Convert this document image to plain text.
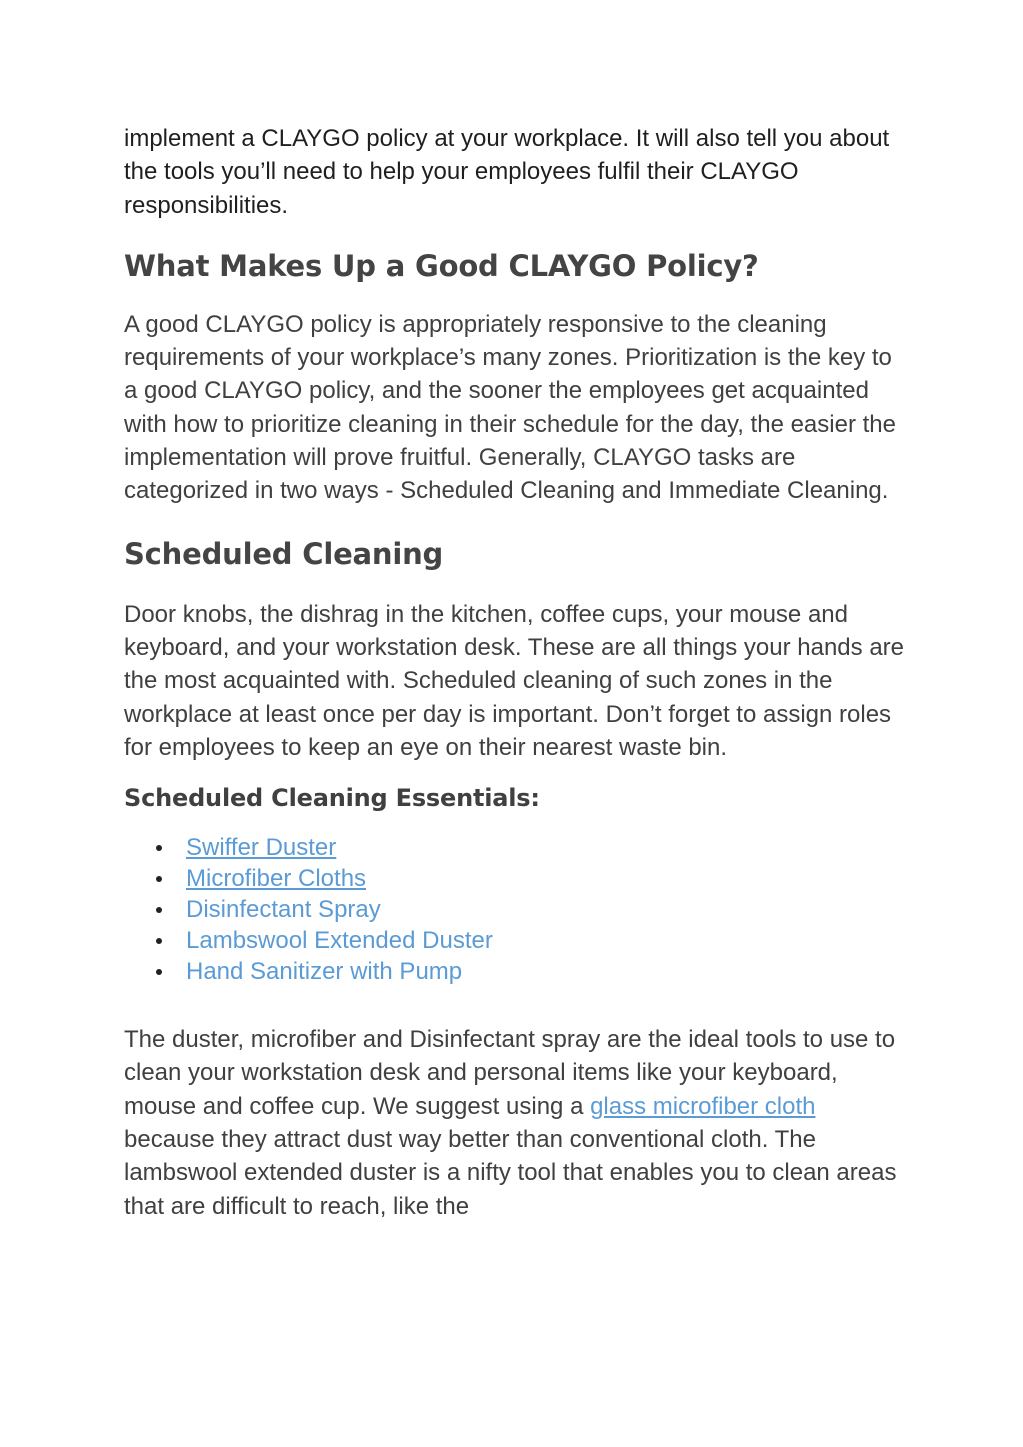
implement a CLAYGO policy at your workplace. It will also tell you about the tools you’ll need to help your employees fulfil their CLAYGO responsibilities.

What Makes Up a Good CLAYGO Policy?

A good CLAYGO policy is appropriately responsive to the cleaning requirements of your workplace’s many zones. Prioritization is the key to a good CLAYGO policy, and the sooner the employees get acquainted with how to prioritize cleaning in their schedule for the day, the easier the implementation will prove fruitful. Generally, CLAYGO tasks are categorized in two ways - Scheduled Cleaning and Immediate Cleaning.

Scheduled Cleaning

Door knobs, the dishrag in the kitchen, coffee cups, your mouse and keyboard, and your workstation desk. These are all things your hands are the most acquainted with. Scheduled cleaning of such zones in the workplace at least once per day is important. Don’t forget to assign roles for employees to keep an eye on their nearest waste bin.

Scheduled Cleaning Essentials:
Swiffer Duster
Microfiber Cloths
Disinfectant Spray
Lambswool Extended Duster
Hand Sanitizer with Pump

The duster, microfiber and Disinfectant spray are the ideal tools to use to clean your workstation desk and personal items like your keyboard, mouse and coffee cup. We suggest using a glass microfiber cloth because they attract dust way better than conventional cloth. The lambswool extended duster is a nifty tool that enables you to clean areas that are difficult to reach, like the
